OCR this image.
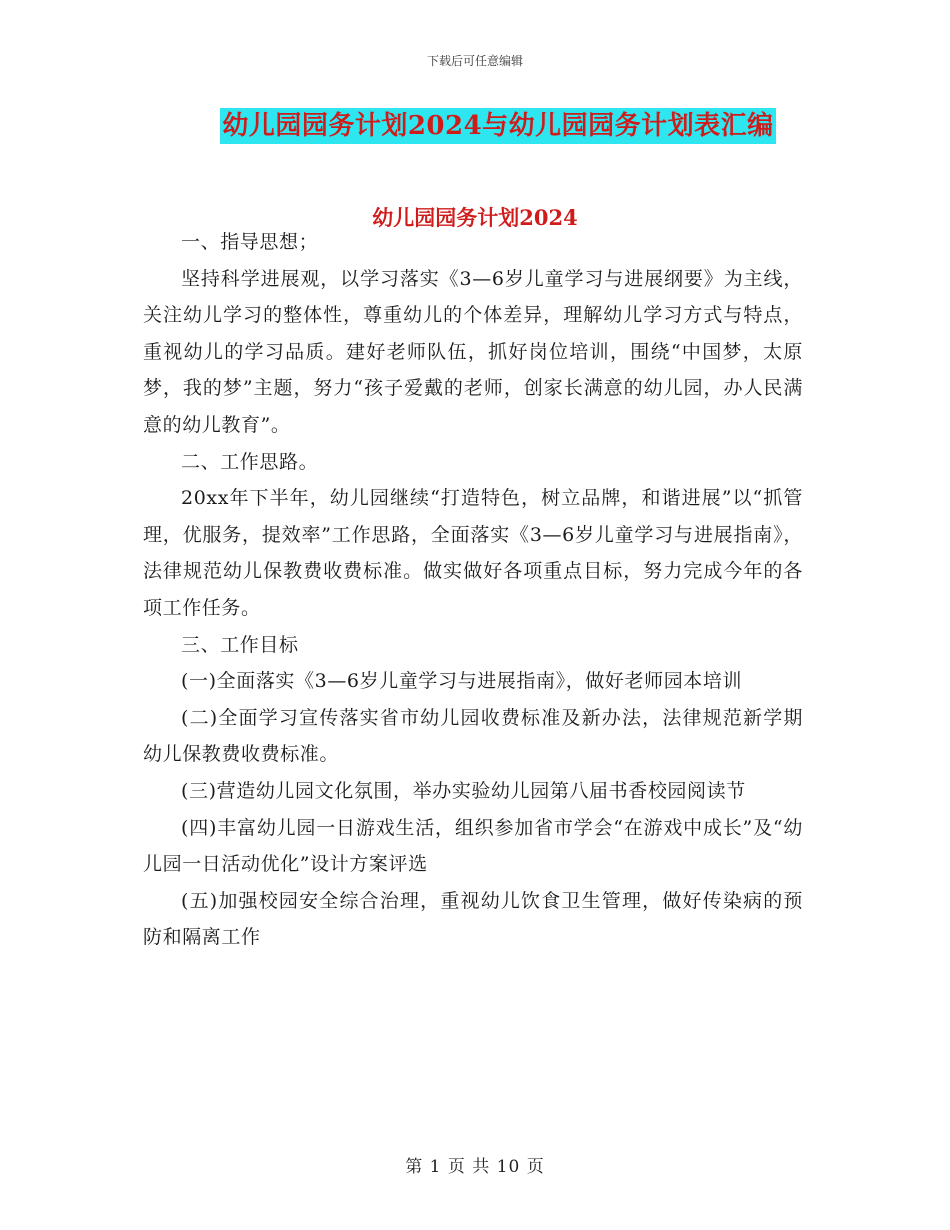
下载后可任意编辑
幼儿园园务计划2024与幼儿园园务计划表汇编
幼儿园园务计划2024

一、指导思想；

坚持科学进展观，以学习落实《3—6岁儿童学习与进展纲要》为主线，关注幼儿学习的整体性，尊重幼儿的个体差异，理解幼儿学习方式与特点，重视幼儿的学习品质。建好老师队伍，抓好岗位培训，围绕“中国梦，太原梦，我的梦”主题，努力“孩子爱戴的老师，创家长满意的幼儿园，办人民满意的幼儿教育”。

二、工作思路。

20xx年下半年，幼儿园继续“打造特色，树立品牌，和谐进展”以“抓管理，优服务，提效率”工作思路，全面落实《3—6岁儿童学习与进展指南》，法律规范幼儿保教费收费标准。做实做好各项重点目标，努力完成今年的各项工作任务。

三、工作目标

(一)全面落实《3—6岁儿童学习与进展指南》，做好老师园本培训

(二)全面学习宣传落实省市幼儿园收费标准及新办法，法律规范新学期幼儿保教费收费标准。

(三)营造幼儿园文化氛围，举办实验幼儿园第八届书香校园阅读节

(四)丰富幼儿园一日游戏生活，组织参加省市学会“在游戏中成长”及“幼儿园一日活动优化”设计方案评选

(五)加强校园安全综合治理，重视幼儿饮食卫生管理，做好传染病的预防和隔离工作

第 1 页 共 10 页
